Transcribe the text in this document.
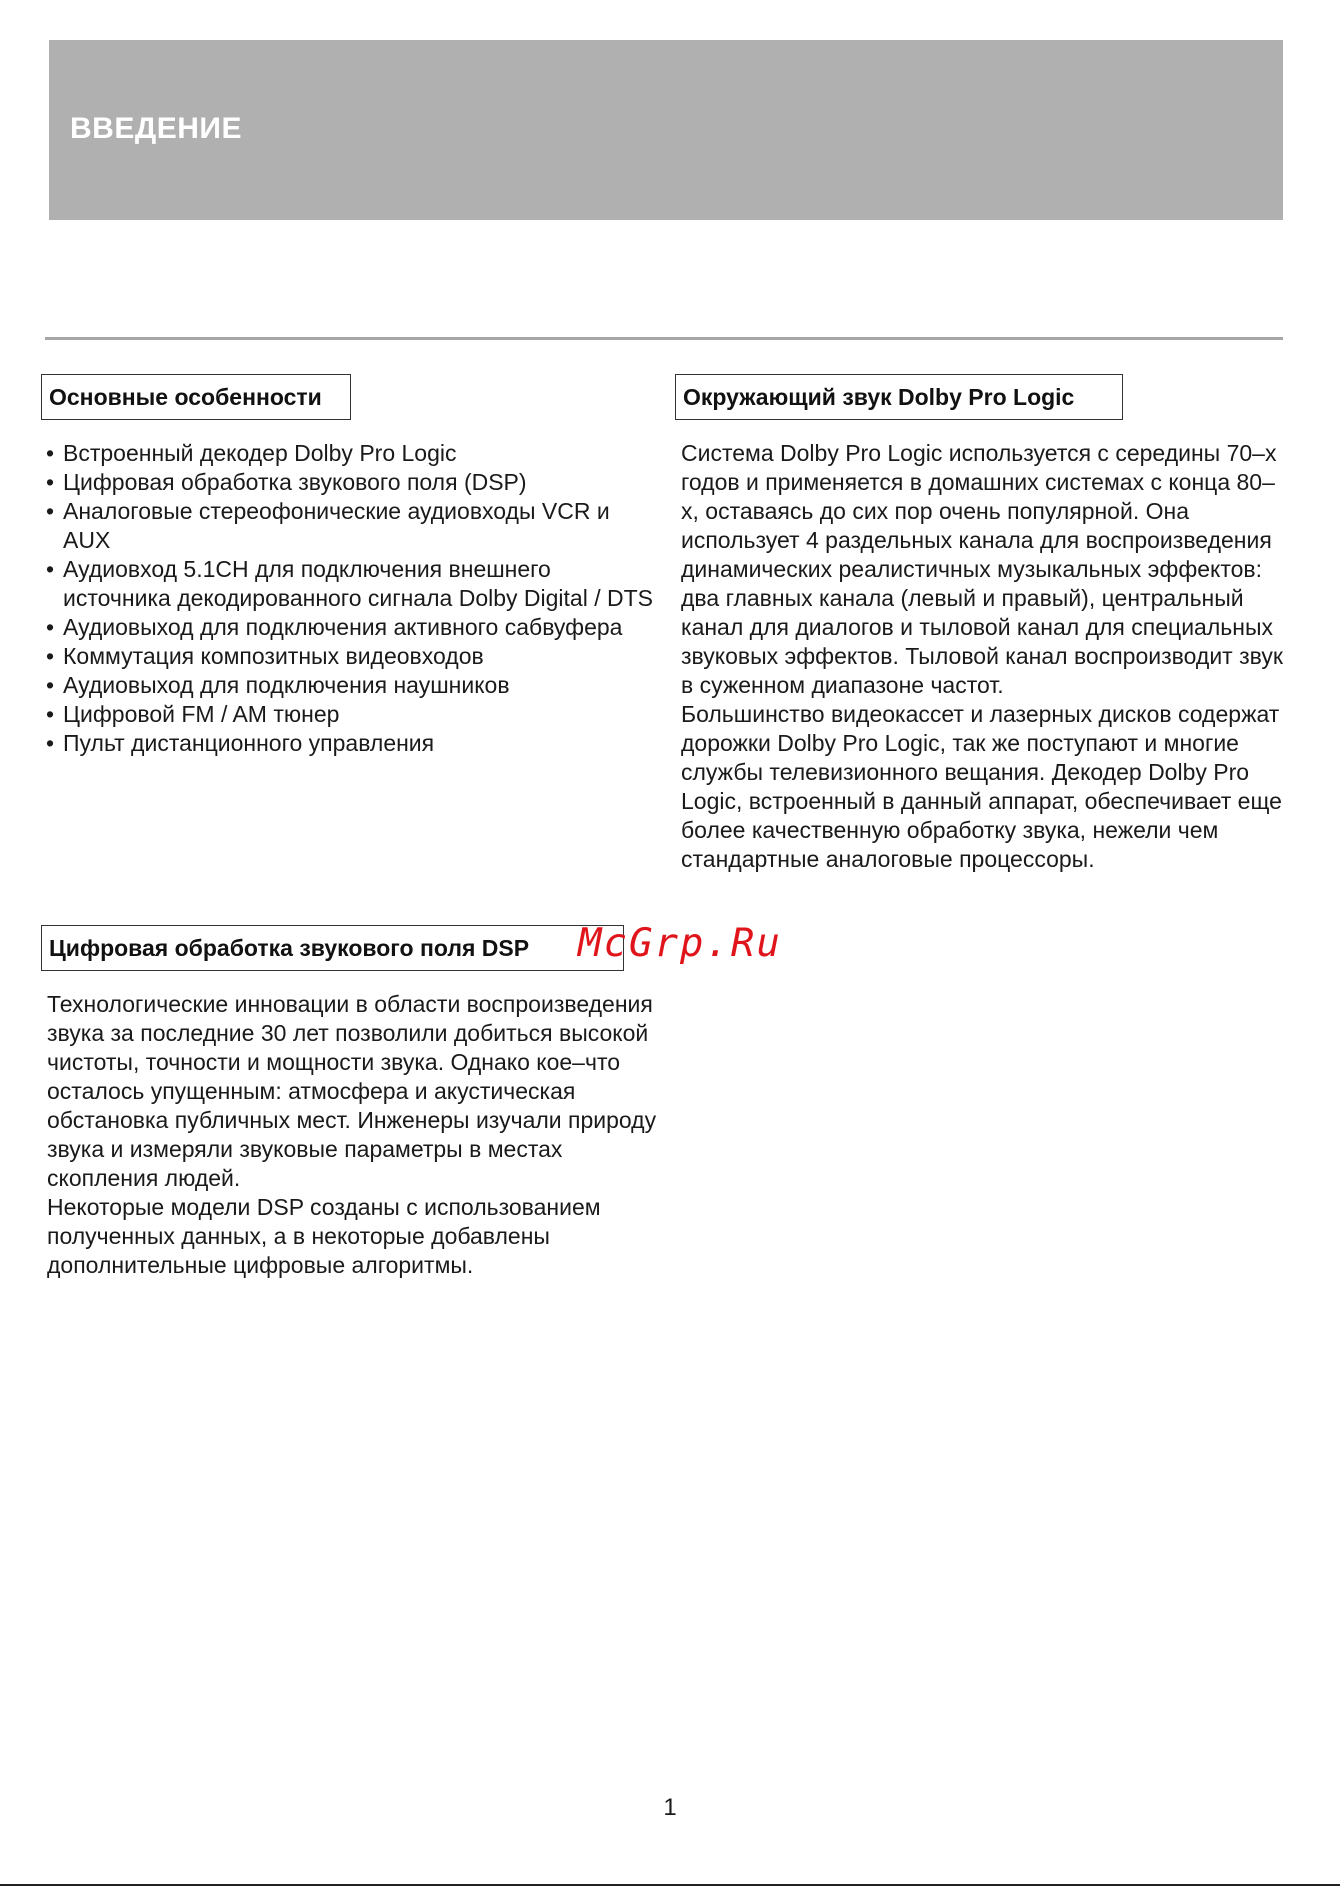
ВВЕДЕНИЕ
Основные особенности
• Встроенный декодер Dolby Pro Logic
• Цифровая обработка звукового поля (DSP)
• Аналоговые стереофонические аудиовходы VCR и AUX
• Аудиовход 5.1CH для подключения внешнего источника декодированного сигнала Dolby Digital / DTS
• Аудиовыход для подключения активного сабвуфера
• Коммутация композитных видеовходов
• Аудиовыход для подключения наушников
• Цифровой FM / AM тюнер
• Пульт дистанционного управления
Окружающий звук Dolby Pro Logic
Система Dolby Pro Logic используется с середины 70–х годов и применяется в домашних системах с конца 80–х, оставаясь до сих пор очень популярной. Она использует 4 раздельных канала для воспроизведения динамических реалистичных музыкальных эффектов: два главных канала (левый и правый), центральный канал для диалогов и тыловой канал для специальных звуковых эффектов. Тыловой канал воспроизводит звук в суженном диапазоне частот.
Большинство видеокассет и лазерных дисков содержат дорожки Dolby Pro Logic, так же поступают и многие службы телевизионного вещания. Декодер Dolby Pro Logic, встроенный в данный аппарат, обеспечивает еще более качественную обработку звука, нежели чем стандартные аналоговые процессоры.
Цифровая обработка звукового поля DSP
Технологические инновации в области воспроизведения звука за последние 30 лет позволили добиться высокой чистоты, точности и мощности звука. Однако кое–что осталось упущенным: атмосфера и акустическая обстановка публичных мест. Инженеры изучали природу звука и измеряли звуковые параметры в местах скопления людей.
Некоторые модели DSP созданы с использованием полученных данных, а в некоторые добавлены дополнительные цифровые алгоритмы.
McGrp.Ru
1
